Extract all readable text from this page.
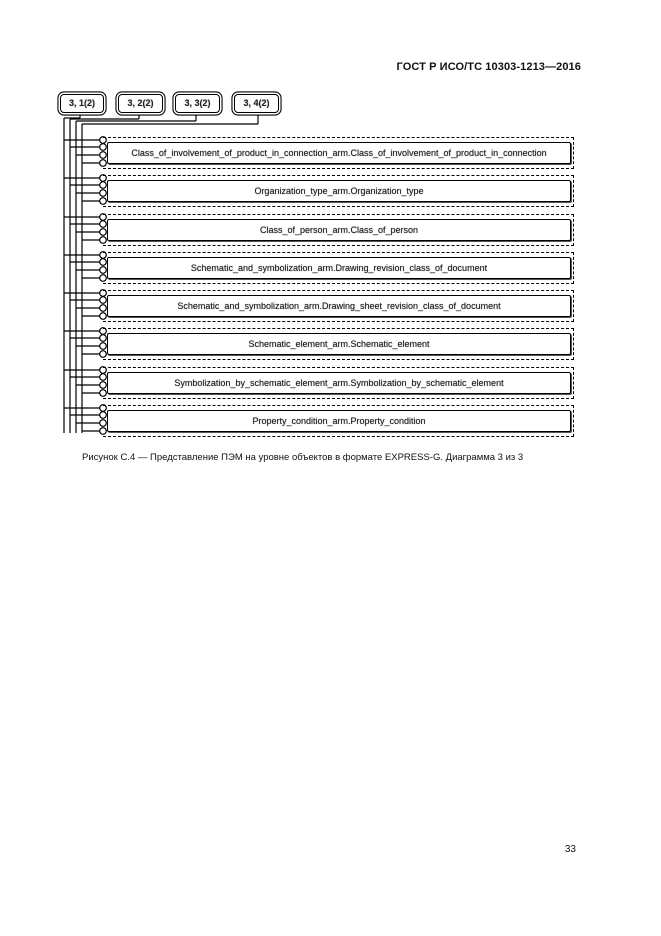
ГОСТ Р ИСО/ТС 10303-1213—2016
3, 1(2)	3, 2(2)	3, 3(2)	3, 4(2)
Class_of_involvement_of_product_in_connection_arm.Class_of_involvement_of_product_in_connection
Organization_type_arm.Organization_type
Class_of_person_arm.Class_of_person
Schematic_and_symbolization_arm.Drawing_revision_class_of_document
Schematic_and_symbolization_arm.Drawing_sheet_revision_class_of_document
Schematic_element_arm.Schematic_element
Symbolization_by_schematic_element_arm.Symbolization_by_schematic_element
Property_condition_arm.Property_condition
Рисунок С.4 — Представление ПЭМ на уровне объектов в формате EXPRESS-G. Диаграмма 3 из 3
33
